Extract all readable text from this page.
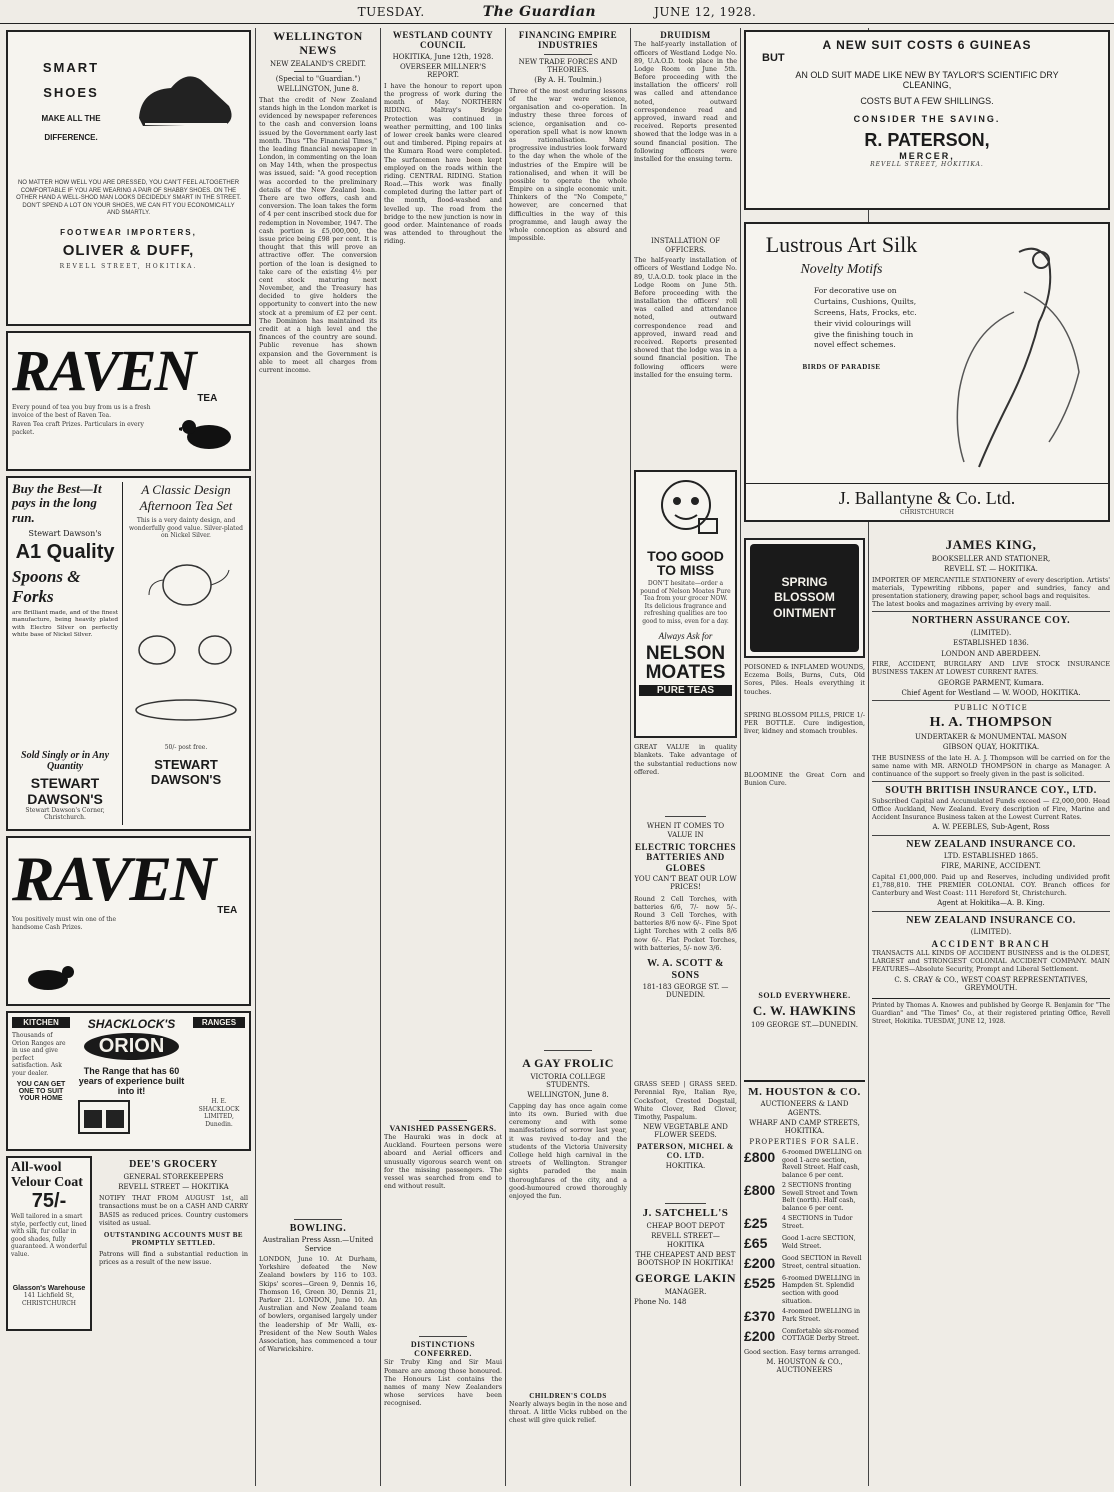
TUESDAY.	The Guardian	JUNE 12, 1928.
SMART
SHOES
MAKE ALL THE
DIFFERENCE.
NO MATTER HOW WELL YOU ARE DRESSED, YOU CAN'T FEEL ALTOGETHER COMFORTABLE IF YOU ARE WEARING A PAIR OF SHABBY SHOES. ON THE OTHER HAND A WELL-SHOD MAN LOOKS DECIDEDLY SMART IN THE STREET. DON'T SPEND A LOT ON YOUR SHOES, WE CAN FIT YOU ECONOMICALLY AND SMARTLY.
FOOTWEAR IMPORTERS,
OLIVER & DUFF,
REVELL STREET, HOKITIKA.
RAVEN TEA
Every pound of tea you buy from us is a fresh invoice of the best of Raven Tea.
Raven Tea craft Prizes. Particulars in every packet.
Buy the Best—It pays in the long run.
Stewart Dawson's
A1 Quality
Spoons & Forks
are Brilliant made, and of the finest manufacture, being heavily plated with Electro Silver on perfectly white base of Nickel Silver.
Sold Singly or in Any Quantity
STEWART DAWSON'S
Stewart Dawson's Corner, Christchurch.
A Classic Design Afternoon Tea Set
This is a very dainty design, and wonderfully good value. Silver-plated on Nickel Silver.
50/- post free.
STEWART DAWSON'S
RAVEN TEA
You positively must win one of the handsome Cash Prizes.
KITCHEN
Thousands of Orion Ranges are in use and give perfect satisfaction. Ask your dealer.
YOU CAN GET ONE TO SUIT YOUR HOME
SHACKLOCK'S
ORION
The Range that has 60 years of experience built into it!
RANGES
H. E. SHACKLOCK LIMITED, Dunedin.
All-wool Velour Coat
75/-
Well tailored in a smart style, perfectly cut, lined with silk, fur collar in good shades, fully guaranteed. A wonderful value.
Glasson's Warehouse
141 Lichfield St, CHRISTCHURCH
DEE'S GROCERY
GENERAL STOREKEEPERS
REVELL STREET — HOKITIKA
NOTIFY THAT FROM AUGUST 1st, all transactions must be on a CASH AND CARRY BASIS as reduced prices. Country customers visited as usual.
OUTSTANDING ACCOUNTS MUST BE PROMPTLY SETTLED.
Patrons will find a substantial reduction in prices as a result of the new issue.
WELLINGTON NEWS
NEW ZEALAND'S CREDIT.
(Special to "Guardian.")
WELLINGTON, June 8.
That the credit of New Zealand stands high in the London market is evidenced by newspaper references to the cash and conversion loans issued by the Government early last month. Thus "The Financial Times," the leading financial newspaper in London, in commenting on the loan on May 14th, when the prospectus was issued, said: "A good reception was accorded to the preliminary details of the New Zealand loan. There are two offers, cash and conversion. The loan takes the form of 4 per cent inscribed stock due for redemption in November, 1947. The cash portion is £5,000,000, the issue price being £98 per cent. It is thought that this will prove an attractive offer. The conversion portion of the loan is designed to take care of the existing 4½ per cent stock maturing next November, and the Treasury has decided to give holders the opportunity to convert into the new stock at a premium of £2 per cent. The Dominion has maintained its credit at a high level and the finances of the country are sound. Public revenue has shown expansion and the Government is able to meet all charges from current income.
BOWLING.
Australian Press Assn.—United Service
LONDON, June 10. At Durham, Yorkshire defeated the New Zealand bowlers by 116 to 103. Skips' scores—Green 9, Dennis 16, Thomson 16, Green 30, Dennis 21, Parker 21. LONDON, June 10. An Australian and New Zealand team of bowlers, organised largely under the leadership of Mr Walli, ex-President of the New South Wales Association, has commenced a tour of Warwickshire.
WESTLAND COUNTY COUNCIL
HOKITIKA, June 12th, 1928.
OVERSEER MILLNER'S REPORT.
I have the honour to report upon the progress of work during the month of May. NORTHERN RIDING. Maltray's Bridge Protection was continued in weather permitting, and 100 links of lower creek banks were cleared out and timbered. Piping repairs at the Kumara Road were completed. The surfacemen have been kept employed on the roads within the riding. CENTRAL RIDING. Station Road.—This work was finally completed during the latter part of the month, flood-washed and levelled up. The road from the bridge to the new junction is now in good order. Maintenance of roads was attended to throughout the riding.
VANISHED PASSENGERS.
The Hauraki was in dock at Auckland. Fourteen persons were aboard and Aerial officers and unusually vigorous search went on for the missing passengers. The vessel was searched from end to end without result.
DISTINCTIONS CONFERRED.
Sir Truby King and Sir Maui Pomare are among those honoured. The Honours List contains the names of many New Zealanders whose services have been recognised.
FINANCING EMPIRE INDUSTRIES
NEW TRADE FORCES AND THEORIES.
(By A. H. Toulmin.)
Three of the most enduring lessons of the war were science, organisation and co-operation. In industry these three forces of science, organisation and co-operation spell what is now known as rationalisation. Many progressive industries look forward to the day when the whole of the industries of the Empire will be rationalised, and when it will be possible to operate the whole Empire on a single economic unit. Thinkers of the "No Compete," however, are concerned that difficulties in the way of this programme, and laugh away the whole conception as absurd and impossible.
A GAY FROLIC
VICTORIA COLLEGE STUDENTS.
WELLINGTON, June 8.
Capping day has once again come into its own. Buried with due ceremony and with some manifestations of sorrow last year, it was revived to-day and the students of the Victoria University College held high carnival in the streets of Wellington. Stranger sights paraded the main thoroughfares of the city, and a good-humoured crowd thoroughly enjoyed the fun.
CHILDREN'S COLDS
Nearly always begin in the nose and throat. A little Vicks rubbed on the chest will give quick relief.
DRUIDISM
The half-yearly installation of officers of Westland Lodge No. 89, U.A.O.D. took place in the Lodge Room on June 5th. Before proceeding with the installation the officers' roll was called and attendance noted, outward correspondence read and approved, inward read and received. Reports presented showed that the lodge was in a sound financial position. The following officers were installed for the ensuing term.
INSTALLATION OF OFFICERS.
The half-yearly installation of officers of Westland Lodge No. 89, U.A.O.D. took place in the Lodge Room on June 5th. Before proceeding with the installation the officers' roll was called and attendance noted, outward correspondence read and approved, inward read and received. Reports presented showed that the lodge was in a sound financial position. The following officers were installed for the ensuing term.
TOO GOOD TO MISS
DON'T hesitate—order a pound of Nelson Moates Pure Tea from your grocer NOW. Its delicious fragrance and refreshing qualities are too good to miss, even for a day.
Always Ask for
NELSON MOATES
PURE TEAS
GREAT VALUE in quality blankets. Take advantage of the substantial reductions now offered.
WHEN IT COMES TO VALUE IN
ELECTRIC TORCHES BATTERIES AND GLOBES
YOU CAN'T BEAT OUR LOW PRICES!
Round 2 Cell Torches, with batteries 6/6, 7/- now 5/-. Round 3 Cell Torches, with batteries 8/6 now 6/-. Fine Spot Light Torches with 2 cells 8/6 now 6/-. Flat Pocket Torches, with batteries, 5/- now 3/6.
W. A. SCOTT & SONS
181-183 GEORGE ST. — DUNEDIN.
GRASS SEED | GRASS SEED. Perennial Rye, Italian Rye, Cocksfoot, Crested Dogstail, White Clover, Red Clover, Timothy, Paspalum.
NEW VEGETABLE AND FLOWER SEEDS.
PATERSON, MICHEL & CO. LTD.
HOKITIKA.
J. SATCHELL'S
CHEAP BOOT DEPOT
REVELL STREET—HOKITIKA
THE CHEAPEST AND BEST BOOTSHOP IN HOKITIKA!
GEORGE LAKIN
MANAGER.
Phone No. 148
A NEW SUIT COSTS 6 GUINEAS
BUT
AN OLD SUIT MADE LIKE NEW BY TAYLOR'S SCIENTIFIC DRY CLEANING,
COSTS BUT A FEW SHILLINGS.
CONSIDER THE SAVING.
R. PATERSON,
MERCER,
REVELL STREET, HOKITIKA.
Lustrous Art Silk
Novelty Motifs
For decorative use on Curtains, Cushions, Quilts, Screens, Hats, Frocks, etc. their vivid colourings will give the finishing touch in novel effect schemes.
BIRDS OF PARADISE
J. Ballantyne & Co. Ltd.
CHRISTCHURCH
SPRING BLOSSOM OINTMENT
POISONED & INFLAMED WOUNDS, Eczema Boils, Burns, Cuts, Old Sores, Piles. Heals everything it touches.
SPRING BLOSSOM PILLS, PRICE 1/- PER BOTTLE. Cure indigestion, liver, kidney and stomach troubles.
BLOOMINE the Great Corn and Bunion Cure.
SOLD EVERYWHERE.
C. W. HAWKINS
109 GEORGE ST.—DUNEDIN.
M. HOUSTON & CO.
AUCTIONEERS & LAND AGENTS.
WHARF AND CAMP STREETS, HOKITIKA.
PROPERTIES FOR SALE.
£800	6-roomed DWELLING on good 1-acre section, Revell Street. Half cash, balance 6 per cent.
£800	2 SECTIONS fronting Sewell Street and Town Belt (north). Half cash, balance 6 per cent.
£25	4 SECTIONS in Tudor Street.
£65	Good 1-acre SECTION, Weld Street.
£200	Good SECTION in Revell Street, central situation.
£525	6-roomed DWELLING in Hampden St. Splendid section with good situation.
£370	4-roomed DWELLING in Park Street.
£200	Comfortable six-roomed COTTAGE Derby Street.
Good section. Easy terms arranged.
M. HOUSTON & CO., AUCTIONEERS
JAMES KING,
BOOKSELLER AND STATIONER,
REVELL ST. — HOKITIKA.
IMPORTER OF MERCANTILE STATIONERY of every description. Artists' materials, Typewriting ribbons, paper and sundries, fancy and presentation stationery, drawing paper, school bags and requisites.
The latest books and magazines arriving by every mail.
NORTHERN ASSURANCE COY.
(LIMITED).
ESTABLISHED 1836.
LONDON AND ABERDEEN.
FIRE, ACCIDENT, BURGLARY AND LIVE STOCK INSURANCE BUSINESS TAKEN AT LOWEST CURRENT RATES.
GEORGE PARMENT, Kumara.
Chief Agent for Westland — W. WOOD, HOKITIKA.
PUBLIC NOTICE
H. A. THOMPSON
UNDERTAKER & MONUMENTAL MASON
GIBSON QUAY, HOKITIKA.
THE BUSINESS of the late H. A. J. Thompson will be carried on for the same name with MR. ARNOLD THOMPSON in charge as Manager. A continuance of the support so freely given in the past is solicited.
SOUTH BRITISH INSURANCE COY., LTD.
Subscribed Capital and Accumulated Funds exceed — £2,000,000. Head Office Auckland, New Zealand. Every description of Fire, Marine and Accident Insurance Business taken at the Lowest Current Rates.
A. W. PEEBLES, Sub-Agent, Ross
NEW ZEALAND INSURANCE CO.
LTD. ESTABLISHED 1865.
FIRE, MARINE, ACCIDENT.
Capital £1,000,000. Paid up and Reserves, including undivided profit £1,788,810. THE PREMIER COLONIAL COY. Branch offices for Canterbury and West Coast: 111 Hereford St, Christchurch.
Agent at Hokitika—A. B. King.
NEW ZEALAND INSURANCE CO.
(LIMITED).
ACCIDENT BRANCH
TRANSACTS ALL KINDS OF ACCIDENT BUSINESS and is the OLDEST, LARGEST and STRONGEST COLONIAL ACCIDENT COMPANY. MAIN FEATURES—Absolute Security, Prompt and Liberal Settlement.
C. S. CRAY & CO., WEST COAST REPRESENTATIVES, GREYMOUTH.
Printed by Thomas A. Knowes and published by George R. Benjamin for "The Guardian" and "The Times" Co., at their registered printing Office, Revell Street, Hokitika. TUESDAY, JUNE 12, 1928.
